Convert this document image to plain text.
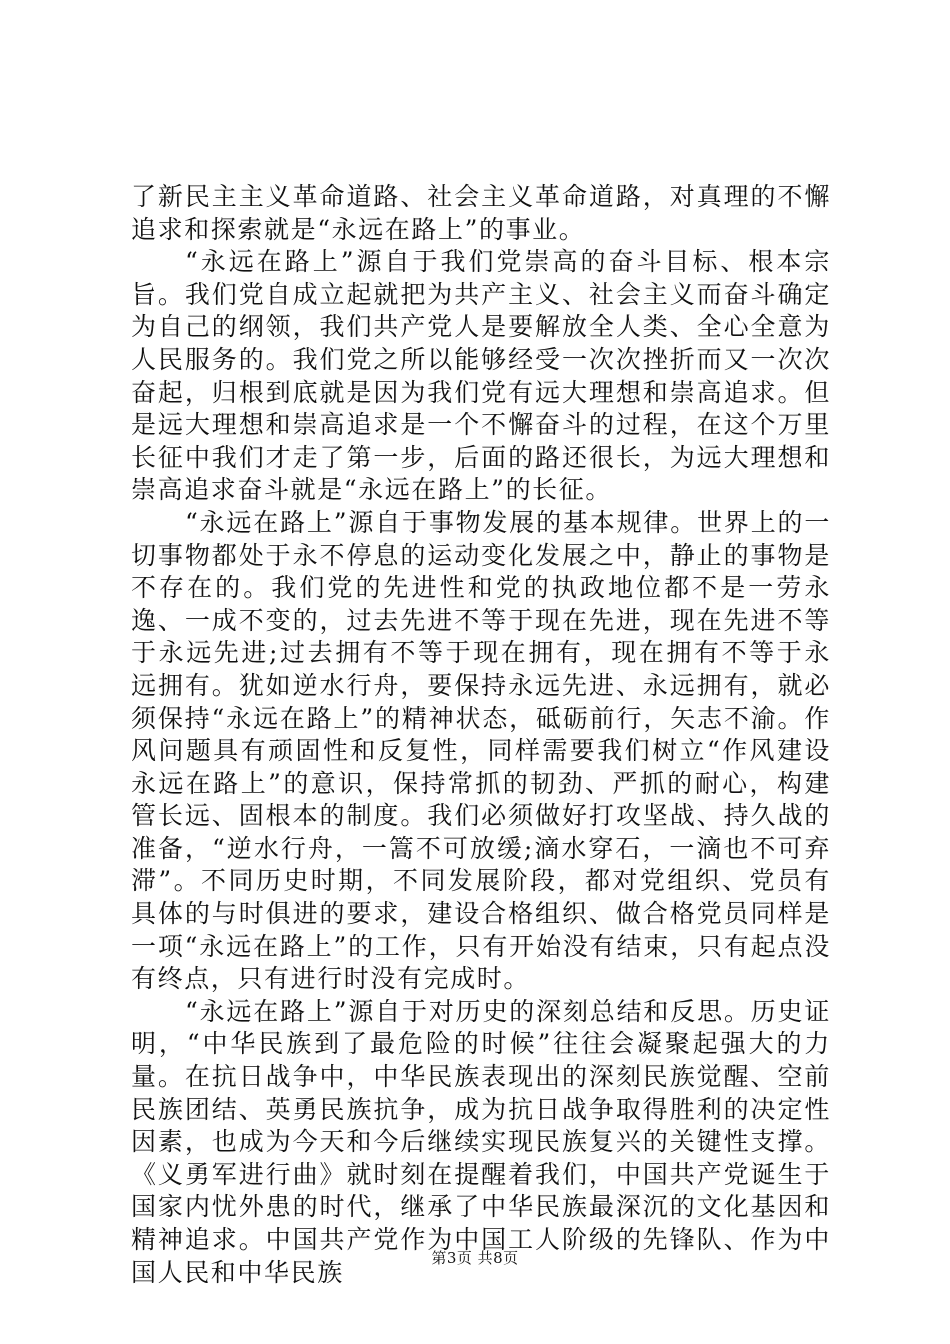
了新民主主义革命道路、社会主义革命道路，对真理的不懈追求和探索就是“永远在路上”的事业。

“永远在路上”源自于我们党崇高的奋斗目标、根本宗旨。我们党自成立起就把为共产主义、社会主义而奋斗确定为自己的纲领，我们共产党人是要解放全人类、全心全意为人民服务的。我们党之所以能够经受一次次挫折而又一次次奋起，归根到底就是因为我们党有远大理想和崇高追求。但是远大理想和崇高追求是一个不懈奋斗的过程，在这个万里长征中我们才走了第一步，后面的路还很长，为远大理想和崇高追求奋斗就是“永远在路上”的长征。

“永远在路上”源自于事物发展的基本规律。世界上的一切事物都处于永不停息的运动变化发展之中，静止的事物是不存在的。我们党的先进性和党的执政地位都不是一劳永逸、一成不变的，过去先进不等于现在先进，现在先进不等于永远先进;过去拥有不等于现在拥有，现在拥有不等于永远拥有。犹如逆水行舟，要保持永远先进、永远拥有，就必须保持“永远在路上”的精神状态，砥砺前行，矢志不渝。作风问题具有顽固性和反复性，同样需要我们树立“作风建设永远在路上”的意识，保持常抓的韧劲、严抓的耐心，构建管长远、固根本的制度。我们必须做好打攻坚战、持久战的准备，“逆水行舟，一篙不可放缓;滴水穿石，一滴也不可弃滞”。不同历史时期，不同发展阶段，都对党组织、党员有具体的与时俱进的要求，建设合格组织、做合格党员同样是一项“永远在路上”的工作，只有开始没有结束，只有起点没有终点，只有进行时没有完成时。

“永远在路上”源自于对历史的深刻总结和反思。历史证明，“中华民族到了最危险的时候”往往会凝聚起强大的力量。在抗日战争中，中华民族表现出的深刻民族觉醒、空前民族团结、英勇民族抗争，成为抗日战争取得胜利的决定性因素，也成为今天和今后继续实现民族复兴的关键性支撑。《义勇军进行曲》就时刻在提醒着我们，中国共产党诞生于国家内忧外患的时代，继承了中华民族最深沉的文化基因和精神追求。中国共产党作为中国工人阶级的先锋队、作为中国人民和中华民族	第3页 共8页
